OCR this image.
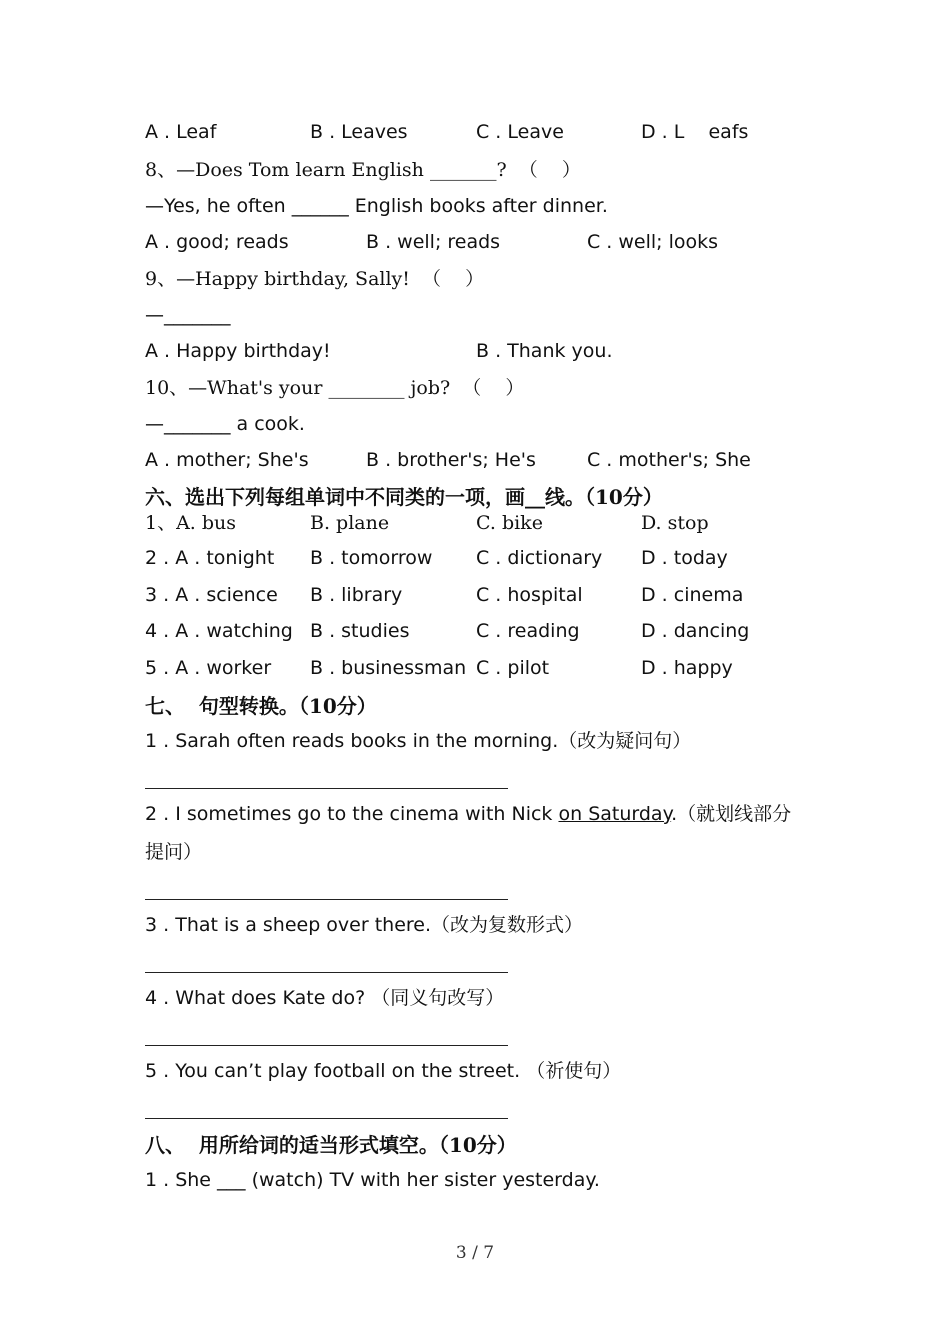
A . Leaf	B . Leaves	C . Leave	D . L    eafs
8、—Does Tom learn English _______?  （    ）
—Yes, he often ______ English books after dinner.
A . good; reads	B . well; reads	C . well; looks
9、—Happy birthday, Sally!  （    ）
—_______
A . Happy birthday!	B . Thank you.
10、—What's your ________ job?  （    ）
—_______ a cook.
A . mother; She's	B . brother's; He's	C . mother's; She
六、选出下列每组单词中不同类的一项，画__线。（10分）
1、A. bus	B. plane	C. bike	D. stop
2 . A . tonight B . tomorrow C . dictionary D . today
3 . A . science B . library	C . hospital	D . cinema
4 . A . watching B . studies	C . reading	D . dancing
5 . A . worker B . businessman C . pilot	D . happy
七、  句型转换。（10分）
1 . Sarah often reads books in the morning.（改为疑问句）
2 . I sometimes go to the cinema with Nick on Saturday.（就划线部分
提问）
3 . That is a sheep over there.（改为复数形式）
4 . What does Kate do? （同义句改写）
5 . You can’t play football on the street. （祈使句）
八、  用所给词的适当形式填空。（10分）
1 . She ___ (watch) TV with her sister yesterday.
3 / 7
